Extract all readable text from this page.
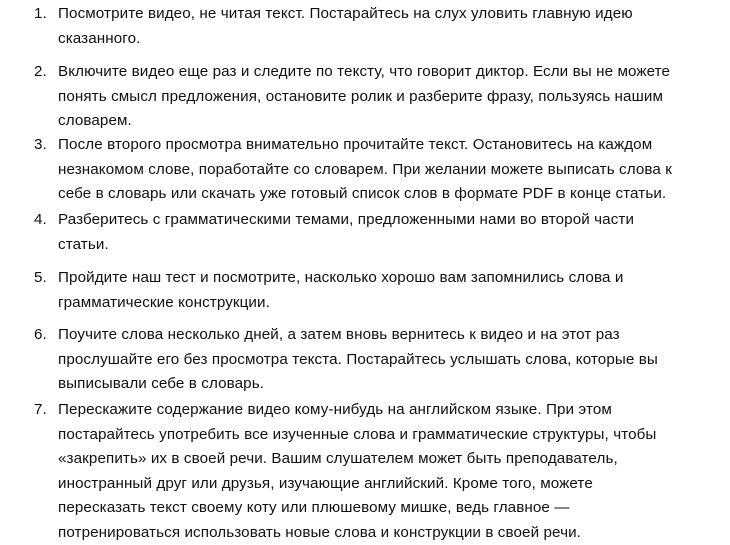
1. Посмотрите видео, не читая текст. Постарайтесь на слух уловить главную идею
сказанного.
2. Включите видео еще раз и следите по тексту, что говорит диктор. Если вы не можете
понять смысл предложения, остановите ролик и разберите фразу, пользуясь нашим
словарем.
3. После второго просмотра внимательно прочитайте текст. Остановитесь на каждом
незнакомом слове, поработайте со словарем. При желании можете выписать слова к
себе в словарь или скачать уже готовый список слов в формате PDF в конце статьи.
4. Разберитесь с грамматическими темами, предложенными нами во второй части
статьи.
5. Пройдите наш тест и посмотрите, насколько хорошо вам запомнились слова и
грамматические конструкции.
6. Поучите слова несколько дней, а затем вновь вернитесь к видео и на этот раз
прослушайте его без просмотра текста. Постарайтесь услышать слова, которые вы
выписывали себе в словарь.
7. Перескажите содержание видео кому-нибудь на английском языке. При этом
постарайтесь употребить все изученные слова и грамматические структуры, чтобы
«закрепить» их в своей речи. Вашим слушателем может быть преподаватель,
иностранный друг или друзья, изучающие английский. Кроме того, можете
пересказать текст своему коту или плюшевому мишке, ведь главное —
потренироваться использовать новые слова и конструкции в своей речи.
